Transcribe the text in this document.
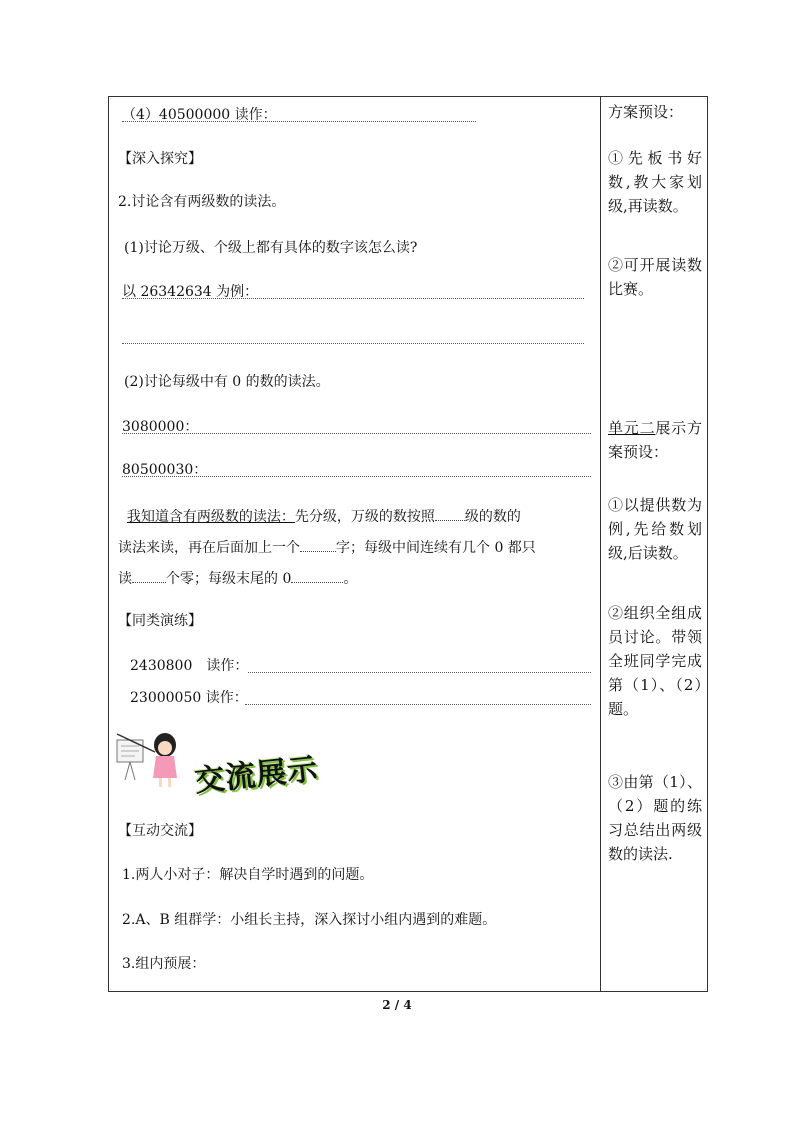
（4）40500000 读作：
【深入探究】
2.讨论含有两级数的读法。
(1)讨论万级、个级上都有具体的数字该怎么读?
以 26342634 为例：
(2)讨论每级中有 0 的数的读法。
3080000：
80500030：
我知道含有两级数的读法：先分级，万级的数按照 级的数的
读法来读，再在后面加上一个	字；每级中间连续有几个 0 都只
读 个零；每级末尾的 0	。
【同类演练】
2430800　读作：
23000050 读作：
交流展示
【互动交流】
1.两人小对子：解决自学时遇到的问题。
2.A、B 组群学：小组长主持，深入探讨小组内遇到的难题。
3.组内预展：
方案预设：
①先板书好数,教大家划级,再读数。
②可开展读数比赛。
单元二展示方案预设：
①以提供数为例,先给数划级,后读数。
②组织全组成员讨论。带领全班同学完成第（1）、（2）题。
③由第（1）、（2）题的练习总结出两级数的读法.
2 / 4
